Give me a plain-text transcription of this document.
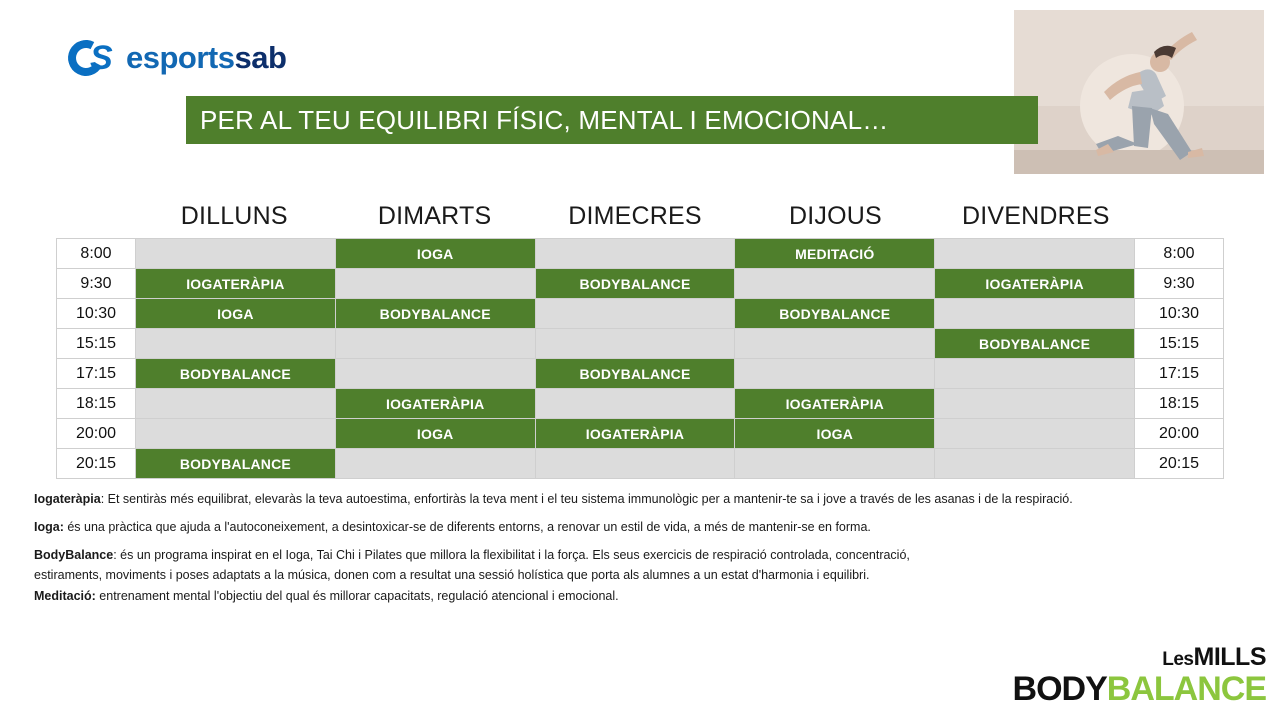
S esportssab
PER AL TEU EQUILIBRI FÍSIC, MENTAL I EMOCIONAL…
DILLUNS	DIMARTS	DIMECRES	DIJOUS	DIVENDRES
8:00		IOGA		MEDITACIÓ		8:00
9:30	IOGATERÀPIA		BODYBALANCE		IOGATERÀPIA	9:30
10:30	IOGA	BODYBALANCE		BODYBALANCE		10:30
15:15					BODYBALANCE	15:15
17:15	BODYBALANCE		BODYBALANCE			17:15
18:15		IOGATERÀPIA		IOGATERÀPIA		18:15
20:00		IOGA	IOGATERÀPIA	IOGA		20:00
20:15	BODYBALANCE					20:15

Iogateràpia: Et sentiràs més equilibrat, elevaràs la teva autoestima, enfortiràs la teva ment i el teu sistema immunològic per a mantenir-te sa i jove a través de les asanas i de la respiració.

Ioga: és una pràctica que ajuda a l'autoconeixement, a desintoxicar-se de diferents entorns, a renovar un estil de vida, a més de mantenir-se en forma.

BodyBalance: és un programa inspirat en el Ioga, Tai Chi i Pilates que millora la flexibilitat i la força. Els seus exercicis de respiració controlada, concentració,

estiraments, moviments i poses adaptats a la música, donen com a resultat una sessió holística que porta als alumnes a un estat d'harmonia i equilibri.

Meditació: entrenament mental l'objectiu del qual és millorar capacitats, regulació atencional i emocional.

LesMILLS
BODYBALANCE
